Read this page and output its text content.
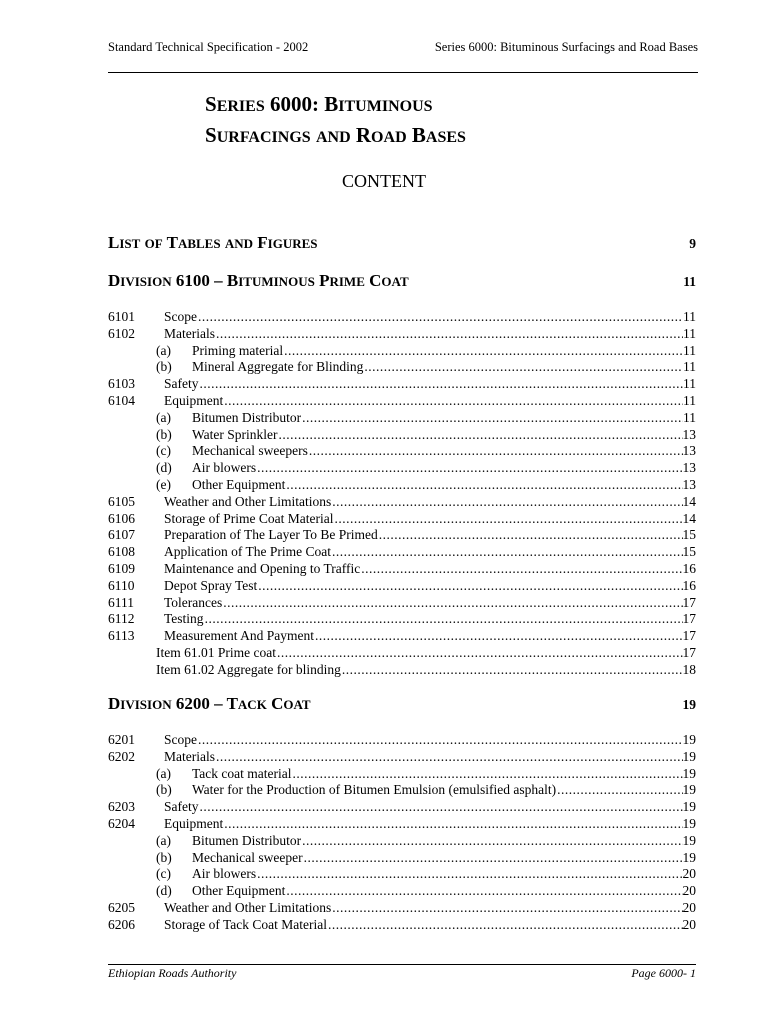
Standard Technical Specification - 2002	Series 6000: Bituminous Surfacings and Road Bases
SERIES 6000: BITUMINOUS
SURFACINGS AND ROAD BASES
CONTENT
LIST OF TABLES AND FIGURES	9
DIVISION 6100 – BITUMINOUS PRIME COAT	11
6101	Scope .....	11
6102	Materials .....	11
(a)	Priming material .....	11
(b)	Mineral Aggregate for Blinding .....	11
6103	Safety .....	11
6104	Equipment .....	11
(a)	Bitumen Distributor .....	11
(b)	Water Sprinkler .....	13
(c)	Mechanical sweepers .....	13
(d)	Air blowers .....	13
(e)	Other Equipment .....	13
6105	Weather and Other Limitations .....	14
6106	Storage of Prime Coat Material .....	14
6107	Preparation of The Layer To Be Primed .....	15
6108	Application of The Prime Coat .....	15
6109	Maintenance and Opening to Traffic .....	16
6110	Depot Spray Test .....	16
6111	Tolerances .....	17
6112	Testing .....	17
6113	Measurement And Payment .....	17
Item 61.01 Prime coat .....	17
Item 61.02 Aggregate for blinding .....	18
DIVISION 6200 – TACK COAT	19
6201	Scope .....	19
6202	Materials .....	19
(a)	Tack coat material .....	19
(b)	Water for the Production of Bitumen Emulsion (emulsified asphalt) .....	19
6203	Safety .....	19
6204	Equipment .....	19
(a)	Bitumen Distributor .....	19
(b)	Mechanical sweeper .....	19
(c)	Air blowers .....	20
(d)	Other Equipment .....	20
6205	Weather and Other Limitations .....	20
6206	Storage of Tack Coat Material .....	20
Ethiopian Roads Authority	Page 6000- 1
